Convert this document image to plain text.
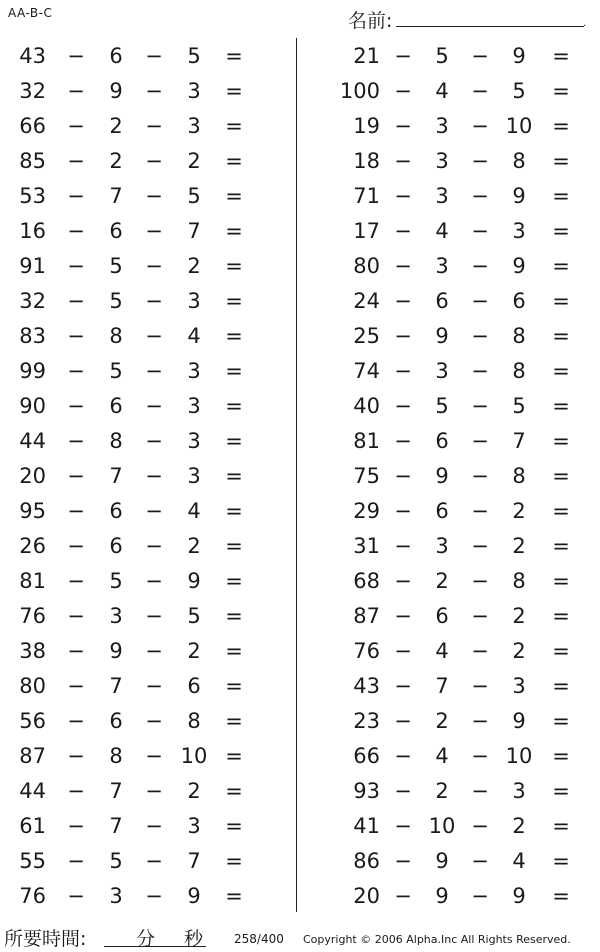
AA-B-C	名前:	.
43 −	6	−	5	=
32 −	9	−	3	=
66 −	2	−	3	=
85 −	2	−	2	=
53 −	7	−	5	=
16 −	6	−	7	=
91 −	5	−	2	=
32 −	5	−	3	=
83 −	8	−	4	=
99 −	5	−	3	=
90 −	6	−	3	=
44 −	8	−	3	=
20 −	7	−	3	=
95 −	6	−	4	=
26 −	6	−	2	=
81 −	5	−	9	=
76 −	3	−	5	=
38 −	9	−	2	=
80 −	7	−	6	=
56 −	6	−	8	=
87 −	8	− 10 =
44 −	7	−	2	=
61 −	7	−	3	=
55 −	5	−	7	=
76 −	3	−	9	=
21 −	5	−	9	=
100 −	4	−	5	=
19 −	3	− 10 =
18 −	3	−	8	=
71 −	3	−	9	=
17 −	4	−	3	=
80 −	3	−	9	=
24 −	6	−	6	=
25 −	9	−	8	=
74 −	3	−	8	=
40 −	5	−	5	=
81 −	6	−	7	=
75 −	9	−	8	=
29 −	6	−	2	=
31 −	3	−	2	=
68 −	2	−	8	=
87 −	6	−	2	=
76 −	4	−	2	=
43 −	7	−	3	=
23 −	2	−	9	=
66 −	4	− 10 =
93 −	2	−	3	=
41 − 10 −	2	=
86 −	9	−	4	=
20 −	9	−	9	=
所要時間:	分 秒	258/400 Copyright © 2006 Alpha.Inc All Rights Reserved.
